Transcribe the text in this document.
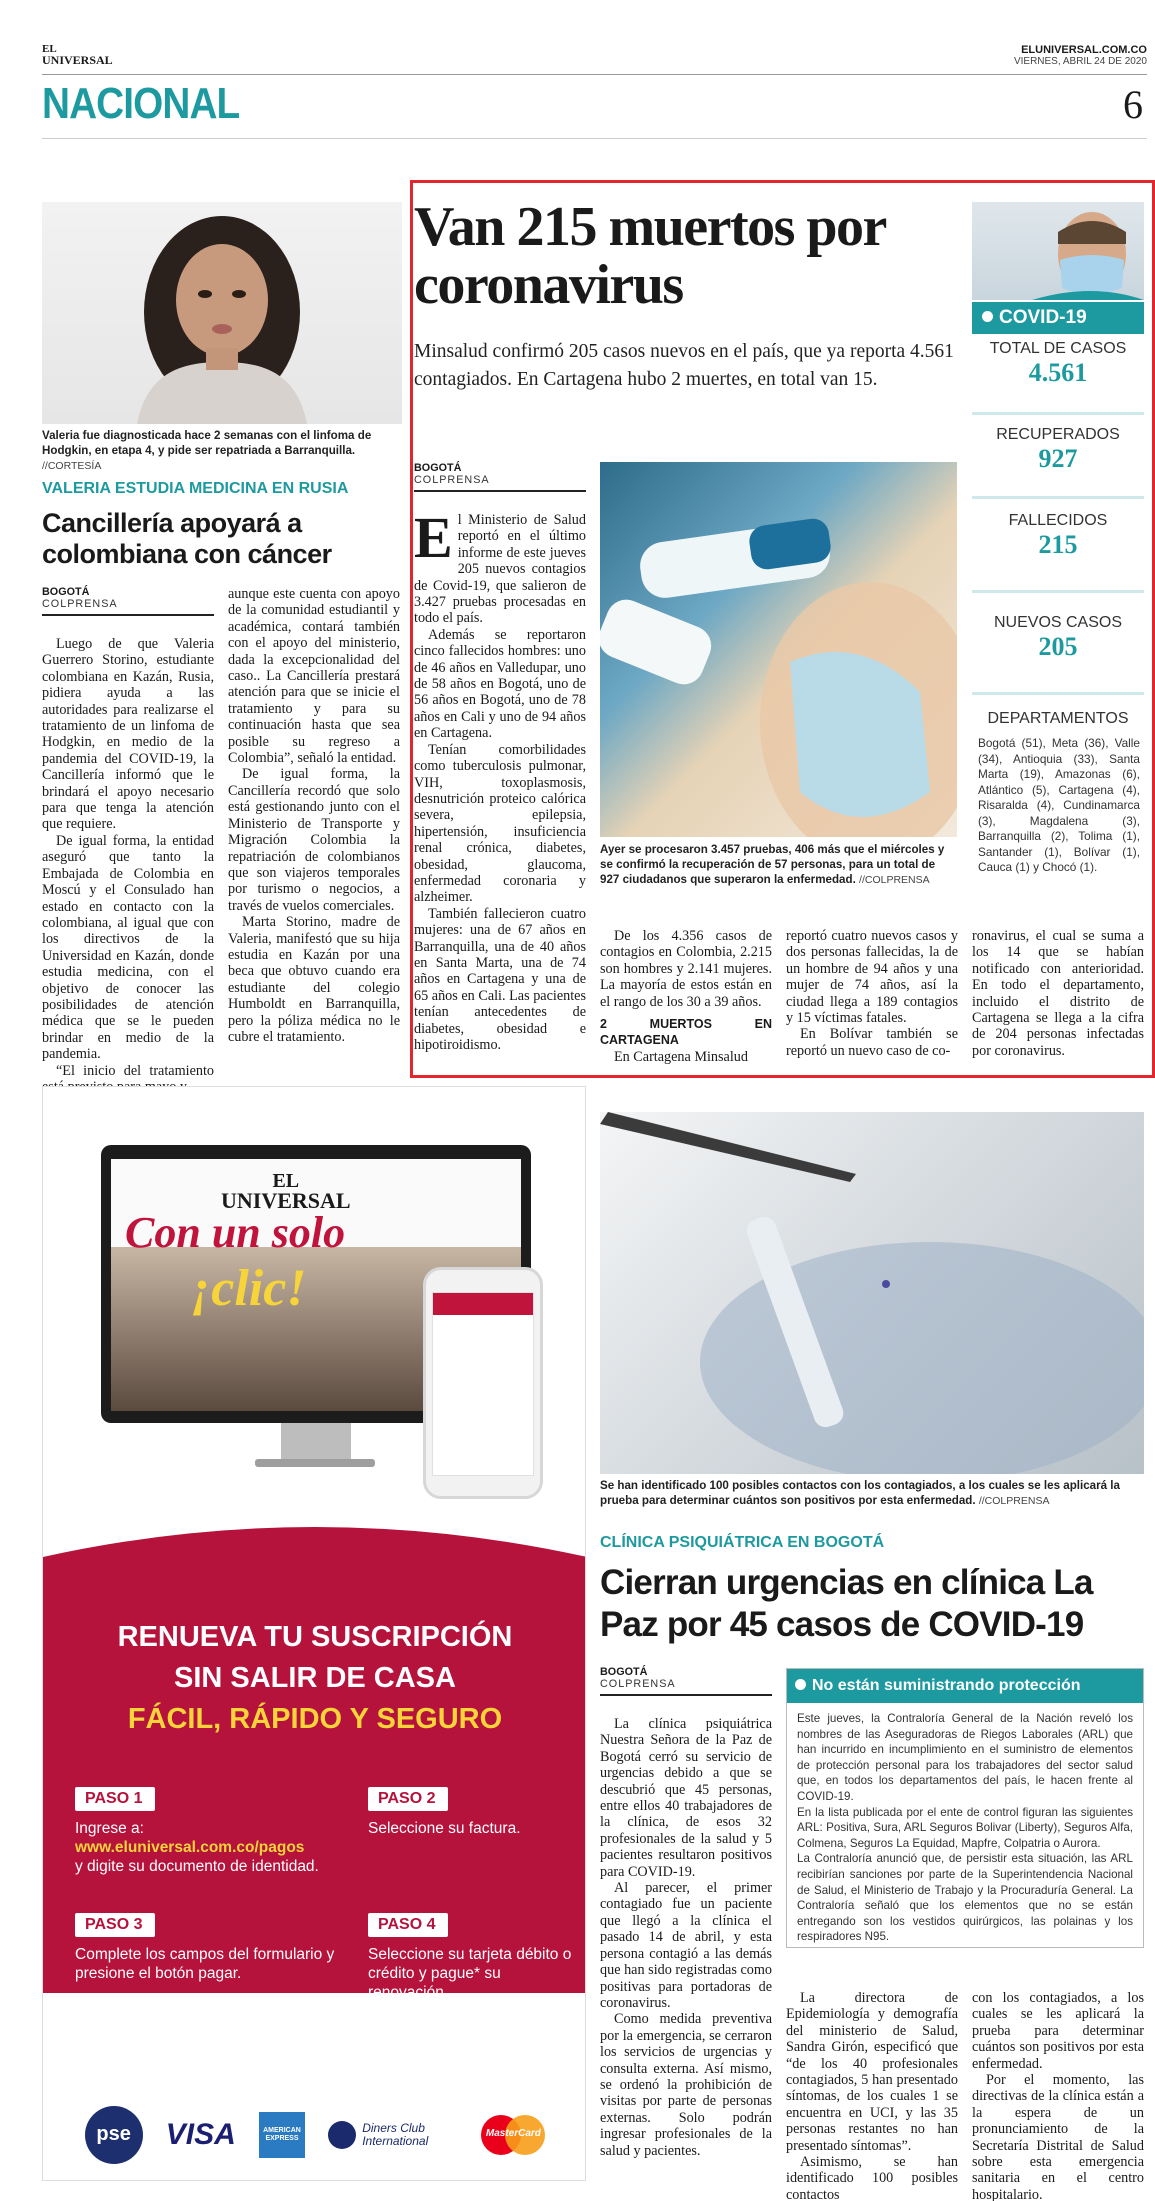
EL
UNIVERSAL
ELUNIVERSAL.COM.CO
VIERNES, ABRIL 24 DE 2020
NACIONAL	6
Valeria fue diagnosticada hace 2 semanas con el linfoma de Hodgkin, en etapa 4, y pide ser repatriada a Barranquilla. //CORTESÍA
VALERIA ESTUDIA MEDICINA EN RUSIA
Cancillería apoyará a colombiana con cáncer
BOGOTÁ
COLPRENSA

Luego de que Valeria Guerrero Storino, estudiante colombiana en Kazán, Rusia, pidiera ayuda a las autoridades para realizarse el tratamiento de un linfoma de Hodgkin, en medio de la pandemia del COVID-19, la Cancillería informó que le brindará el apoyo necesario para que tenga la atención que requiere.

De igual forma, la entidad aseguró que tanto la Embajada de Colombia en Moscú y el Consulado han estado en contacto con la colombiana, al igual que con los directivos de la Universidad en Kazán, donde estudia medicina, con el objetivo de conocer las posibilidades de atención médica que se le pueden brindar en medio de la pandemia.

“El inicio del tratamiento

aunque este cuenta con apoyo de la comunidad estudiantil y académica, contará también con el apoyo del ministerio, dada la excepcionalidad del caso.. La Cancillería prestará atención para que se inicie el tratamiento y para su continuación hasta que sea posible su regreso a Colombia”, señaló la entidad.

De igual forma, la Cancillería recordó que solo está gestionando junto con el Ministerio de Transporte y Migración Colombia la repatriación de colombianos que son viajeros temporales por turismo o negocios, a través de vuelos comerciales.

Marta Storino, madre de Valeria, manifestó que su hija estudia en Kazán por una beca que obtuvo cuando era estudiante del colegio Humboldt en Barranquilla, pero la póliza médica no le cubre el tratamiento.

Van 215 muertos por coronavirus
Minsalud confirmó 205 casos nuevos en el país, que ya reporta 4.561 contagiados. En Cartagena hubo 2 muertes, en total van 15.
BOGOTÁ
COLPRENSA

El Ministerio de Salud reportó en el último informe de este jueves 205 nuevos contagios de Covid-19, que salieron de 3.427 pruebas procesadas en todo el país.

Además se reportaron cinco fallecidos hombres: uno de 46 años en Valledupar, uno de 58 años en Bogotá, uno de 56 años en Bogotá, uno de 78 años en Cali y uno de 94 años en Cartagena.

Tenían comorbilidades como tuberculosis pulmonar, VIH, toxoplasmosis, desnutrición proteico calórica severa, epilepsia, hipertensión, insuficiencia renal crónica, diabetes, obesidad, glaucoma, enfermedad coronaria y alzheimer.

También fallecieron cuatro mujeres: una de 67 años en Barranquilla, una de 40 años en Santa Marta, una de 74 años en Cartagena y una de 65 años en Cali. Las pacientes tenían antecedentes de diabetes, obesidad e hipotiroidismo.

Ayer se procesaron 3.457 pruebas, 406 más que el miércoles y se confirmó la recuperación de 57 personas, para un total de 927 ciudadanos que superaron la enfermedad. //COLPRENSA

De los 4.356 casos de contagios en Colombia, 2.215 son hombres y 2.141 mujeres. La mayoría de estos están en el rango de los 30 a 39 años.

2 MUERTOS EN CARTAGENA

En Cartagena Minsalud

reportó cuatro nuevos casos y dos personas fallecidas, la de un hombre de 94 años y una mujer de 74 años, así la ciudad llega a 189 contagios y 15 víctimas fatales.

En Bolívar también se reportó un nuevo caso de co-

ronavirus, el cual se suma a los 14 que se habían notificado con anterioridad. En todo el departamento, incluido el distrito de Cartagena se llega a la cifra de 204 personas infectadas por coronavirus.

COVID-19
TOTAL DE CASOS
4.561
RECUPERADOS
927
FALLECIDOS
215
NUEVOS CASOS
205
DEPARTAMENTOS
Bogotá (51), Meta (36), Valle (34), Antioquia (33), Santa Marta (19), Amazonas (6), Atlántico (5), Cartagena (4), Risaralda (4), Cundinamarca (3), Magdalena (3), Barranquilla (2), Tolima (1), Santander (1), Bolívar (1), Cauca (1) y Chocó (1).
EL
UNIVERSAL
Con un solo
¡clic!
RENUEVA TU SUSCRIPCIÓN
SIN SALIR DE CASA
FÁCIL, RÁPIDO Y SEGURO
PASO 1
Ingrese a:
www.eluniversal.com.co/pagos
y digite su documento de identidad.
PASO 2
Seleccione su factura.
PASO 3
Complete los campos del formulario y presione el botón pagar.
PASO 4
Seleccione su tarjeta débito o crédito y pague* su renovación.
* Para pagar usted debe tener su cuenta habilitada para operaciones por internet.
pse VISA	AMERICAN EXPRESS
Diners Club International
MasterCard
Se han identificado 100 posibles contactos con los contagiados, a los cuales se les aplicará la prueba para determinar cuántos son positivos por esta enfermedad. //COLPRENSA
CLÍNICA PSIQUIÁTRICA EN BOGOTÁ
Cierran urgencias en clínica La Paz por 45 casos de COVID-19
BOGOTÁ
COLPRENSA

La clínica psiquiátrica Nuestra Señora de la Paz de Bogotá cerró su servicio de urgencias debido a que se descubrió que 45 personas, entre ellos 40 trabajadores de la clínica, de esos 32 profesionales de la salud y 5 pacientes resultaron positivos para COVID-19.

Al parecer, el primer contagiado fue un paciente que llegó a la clínica el pasado 14 de abril, y esta persona contagió a las demás que han sido registradas como positivas para portadoras de coronavirus.

Como medida preventiva por la emergencia, se cerraron los servicios de urgencias y consulta externa. Así mismo, se ordenó la prohibición de visitas por parte de personas externas. Solo podrán ingresar profesionales de la salud y pacientes.

No están suministrando protección

Este jueves, la Contraloría General de la Nación reveló los nombres de las Aseguradoras de Riegos Laborales (ARL) que han incurrido en incumplimiento en el suministro de elementos de protección personal para los trabajadores del sector salud que, en todos los departamentos del país, le hacen frente al COVID-19.

En la lista publicada por el ente de control figuran las siguientes ARL: Positiva, Sura, ARL Seguros Bolivar (Liberty), Seguros Alfa, Colmena, Seguros La Equidad, Mapfre, Colpatria o Aurora.

La Contraloría anunció que, de persistir esta situación, las ARL recibirían sanciones por parte de la Superintendencia Nacional de Salud, el Ministerio de Trabajo y la Procuraduría General. La Contraloría señaló que los elementos que no se están entregando son los vestidos quirúrgicos, las polainas y los respiradores N95.

La directora de Epidemiología y demografía del ministerio de Salud, Sandra Girón, especificó que “de los 40 profesionales contagiados, 5 han presentado síntomas, de los cuales 1 se encuentra en UCI, y las 35 personas restantes no han presentado síntomas”.

Asimismo, se han identificado 100 posibles contactos

con los contagiados, a los cuales se les aplicará la prueba para determinar cuántos son positivos por esta enfermedad.

Por el momento, las directivas de la clínica están a la espera de un pronunciamiento de la Secretaría Distrital de Salud sobre esta emergencia sanitaria en el centro hospitalario.
